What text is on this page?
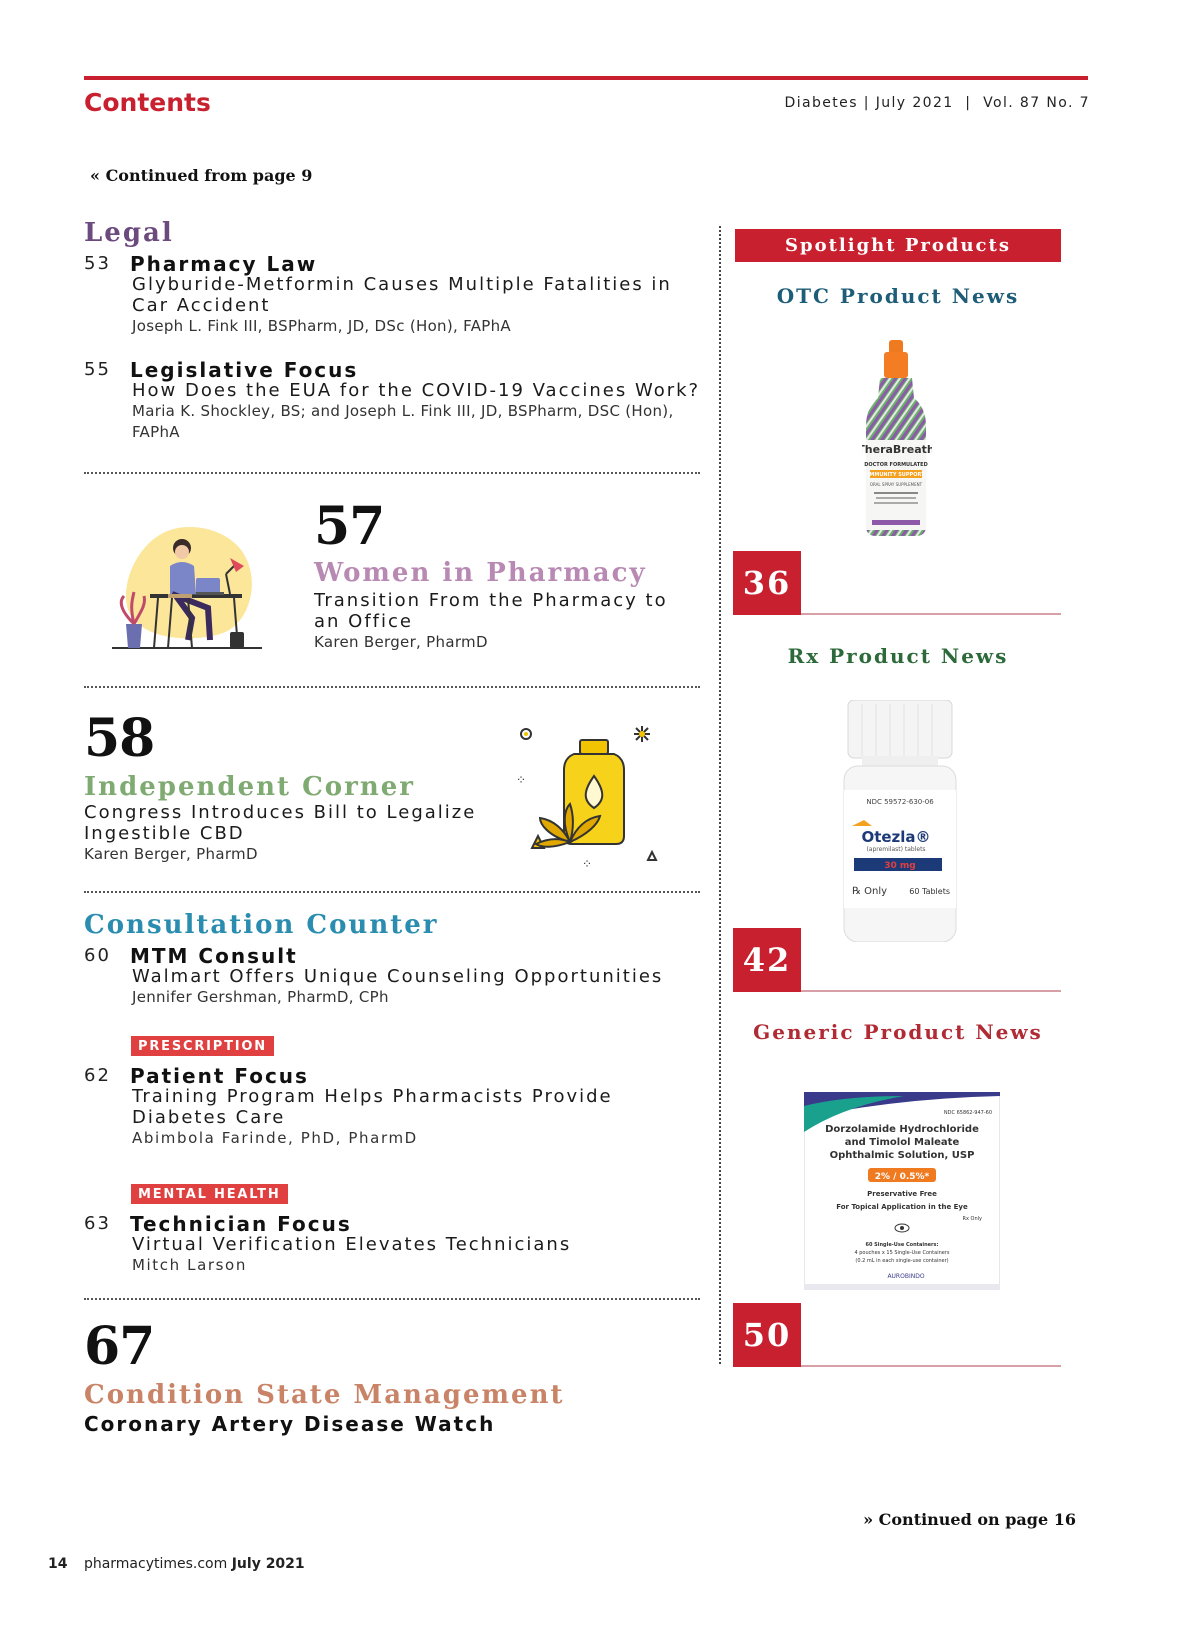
Contents	Diabetes | July 2021  |  Vol. 87 No. 7
« Continued from page 9
Legal
53 Pharmacy Law
Glyburide-Metformin Causes Multiple Fatalities in
Car Accident
Joseph L. Fink III, BSPharm, JD, DSc (Hon), FAPhA
55 Legislative Focus
How Does the EUA for the COVID-19 Vaccines Work?
Maria K. Shockley, BS; and Joseph L. Fink III, JD, BSPharm, DSC (Hon),
FAPhA
57
Women in Pharmacy
Transition From the Pharmacy to
an Office
Karen Berger, PharmD
58
Independent Corner
Congress Introduces Bill to Legalize
Ingestible CBD
Karen Berger, PharmD
⁘
⁘
Consultation Counter
60 MTM Consult
Walmart Offers Unique Counseling Opportunities
Jennifer Gershman, PharmD, CPh
PRESCRIPTION
62 Patient Focus
Training Program Helps Pharmacists Provide
Diabetes Care
Abimbola Farinde, PhD, PharmD
MENTAL HEALTH
63 Technician Focus
Virtual Verification Elevates Technicians
Mitch Larson
67
Condition State Management
Coronary Artery Disease Watch
Spotlight Products
OTC Product News
TheraBreath
DOCTOR FORMULATED
IMMUNITY SUPPORT
ORAL SPRAY SUPPLEMENT
36
Rx Product News
NDC 59572-630-06
Otezla®
(apremilast) tablets
30 mg
℞ Only	60 Tablets
42
Generic Product News
NDC 65862-947-60
Dorzolamide Hydrochloride
and Timolol Maleate
Ophthalmic Solution, USP
2% / 0.5%*
Preservative Free
For Topical Application in the Eye
Rx Only
60 Single-Use Containers:
4 pouches x 15 Single-Use Containers
(0.2 mL in each single-use container)
AUROBINDO
50
» Continued on page 16
14 pharmacytimes.com July 2021
